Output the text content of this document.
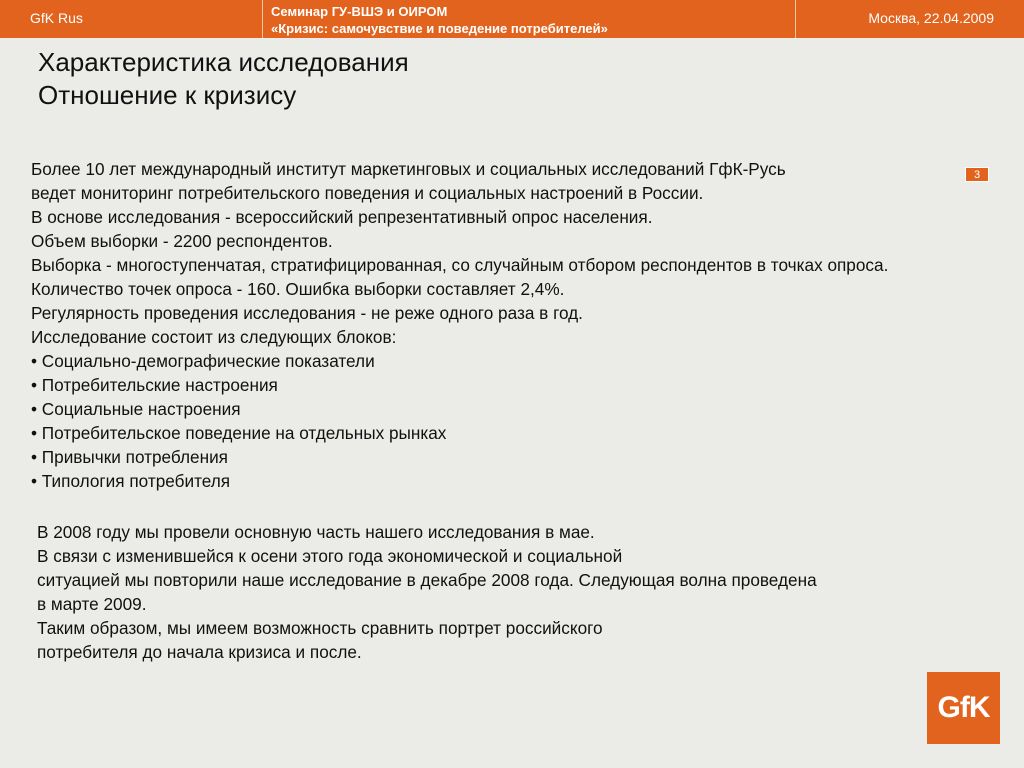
GfK Rus	Семинар ГУ-ВШЭ и ОИРОМ
«Кризис: самочувствие и поведение потребителей»
Москва, 22.04.2009
Характеристика исследования
Отношение к кризису
3
Более 10 лет международный институт маркетинговых и социальных исследований ГфК-Русь
ведет мониторинг потребительского поведения и социальных настроений в России.
В основе исследования - всероссийский репрезентативный опрос населения.
Объем выборки - 2200 респондентов.
Выборка - многоступенчатая, стратифицированная, со случайным отбором респондентов в точках опроса.
Количество точек опроса - 160. Ошибка выборки составляет 2,4%.
Регулярность проведения исследования - не реже одного раза в год.
Исследование состоит из следующих блоков:
• Социально-демографические показатели
• Потребительские настроения
• Социальные настроения
• Потребительское поведение на отдельных рынках
• Привычки потребления
• Типология потребителя
В 2008 году мы провели основную часть нашего исследования в мае.
В связи с изменившейся к осени этого года экономической и социальной
ситуацией мы повторили наше исследование в декабре 2008 года. Следующая волна проведена
в марте 2009.
Таким образом, мы имеем возможность сравнить портрет российского
потребителя до начала кризиса и после.
GfK
